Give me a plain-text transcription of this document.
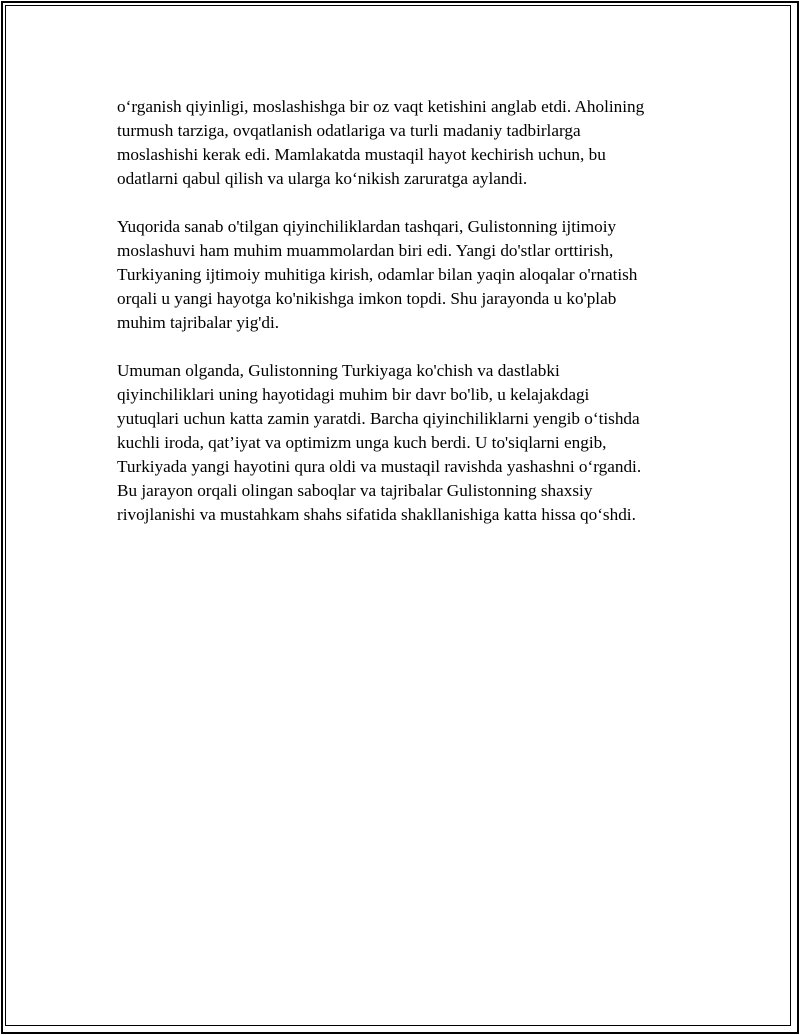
o‘rganish qiyinligi, moslashishga bir oz vaqt ketishini anglab etdi. Aholining
turmush tarziga, ovqatlanish odatlariga va turli madaniy tadbirlarga
moslashishi kerak edi. Mamlakatda mustaqil hayot kechirish uchun, bu
odatlarni qabul qilish va ularga ko‘nikish zaruratga aylandi.

Yuqorida sanab o'tilgan qiyinchiliklardan tashqari, Gulistonning ijtimoiy
moslashuvi ham muhim muammolardan biri edi. Yangi do'stlar orttirish,
Turkiyaning ijtimoiy muhitiga kirish, odamlar bilan yaqin aloqalar o'rnatish
orqali u yangi hayotga ko'nikishga imkon topdi. Shu jarayonda u ko'plab
muhim tajribalar yig'di.

Umuman olganda, Gulistonning Turkiyaga ko'chish va dastlabki
qiyinchiliklari uning hayotidagi muhim bir davr bo'lib, u kelajakdagi
yutuqlari uchun katta zamin yaratdi. Barcha qiyinchiliklarni yengib o‘tishda
kuchli iroda, qat’iyat va optimizm unga kuch berdi. U to'siqlarni engib,
Turkiyada yangi hayotini qura oldi va mustaqil ravishda yashashni o‘rgandi.
Bu jarayon orqali olingan saboqlar va tajribalar Gulistonning shaxsiy
rivojlanishi va mustahkam shahs sifatida shakllanishiga katta hissa qo‘shdi.
